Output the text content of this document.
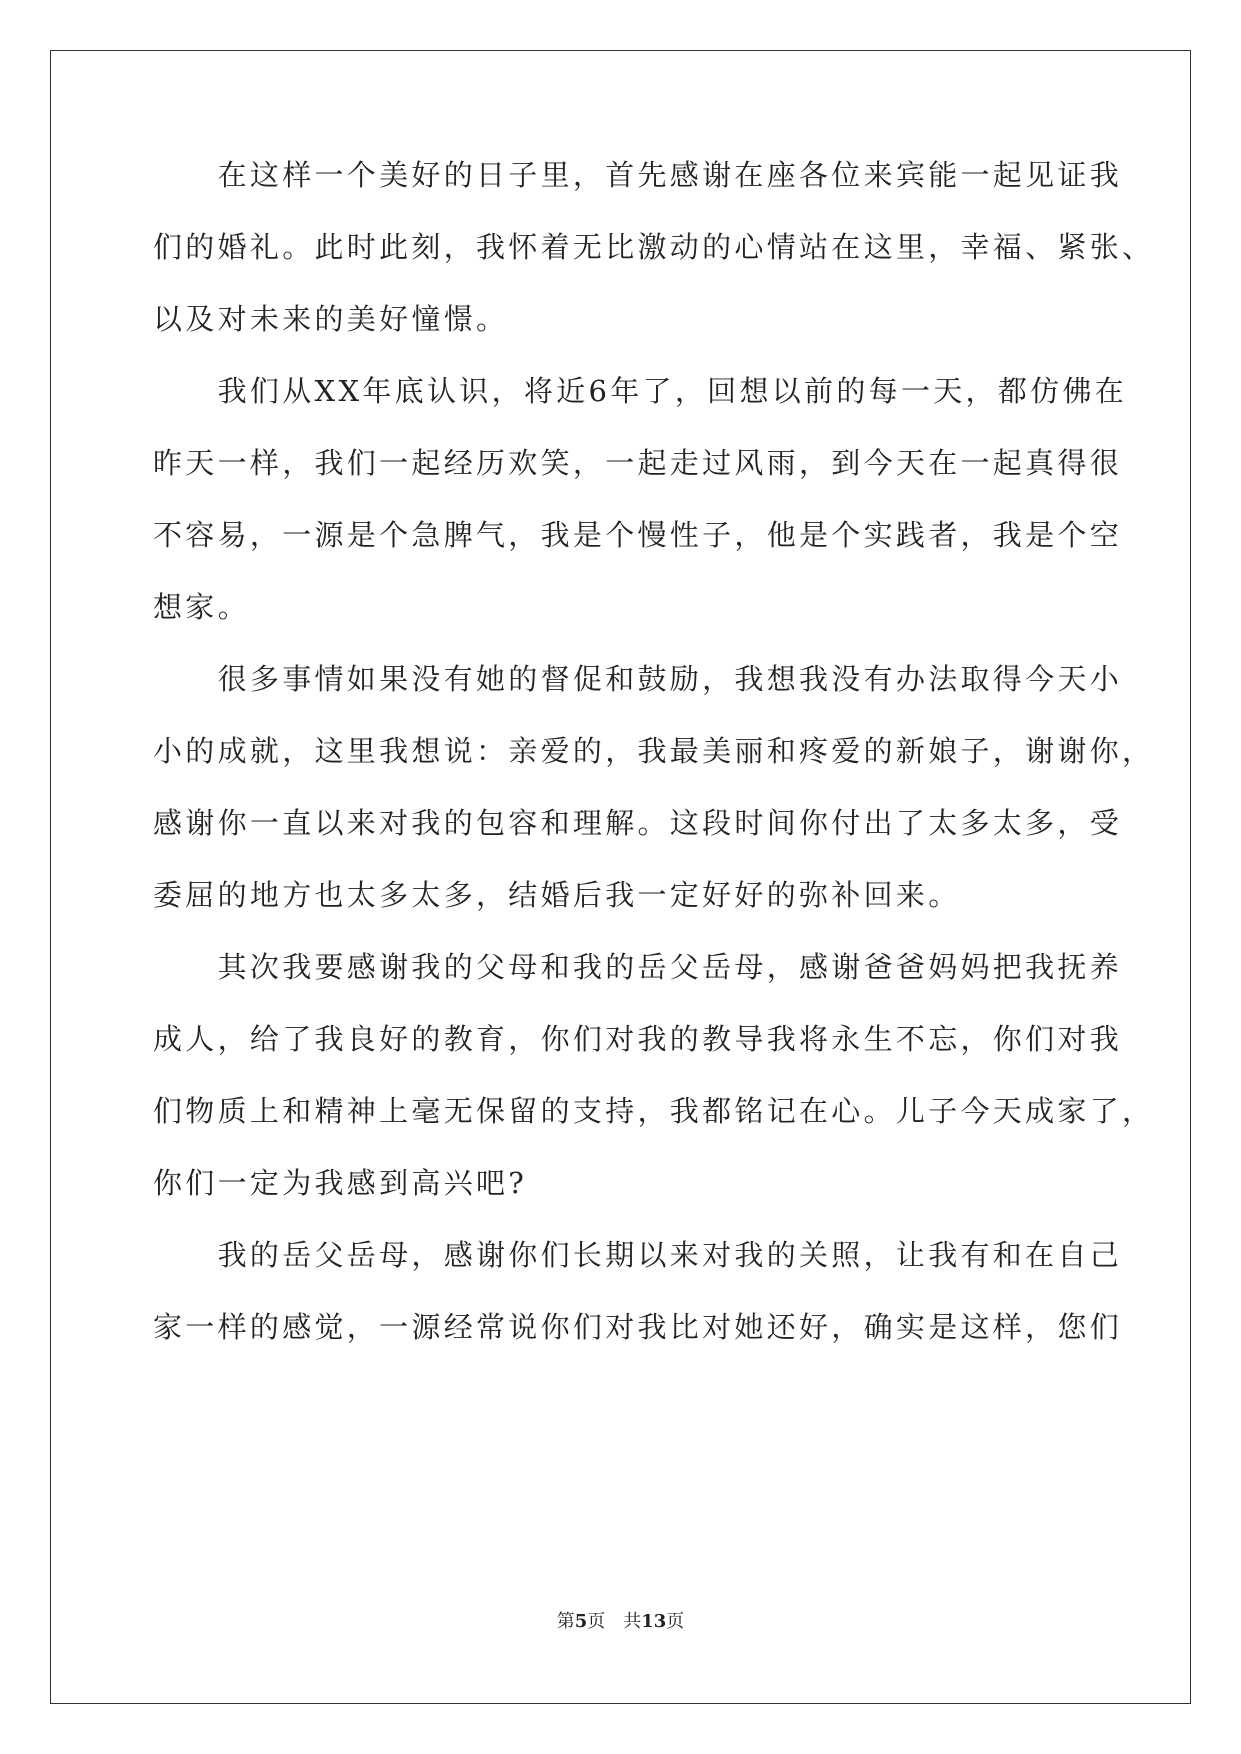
　　在这样一个美好的日子里，首先感谢在座各位来宾能一起见证我
们的婚礼。此时此刻，我怀着无比激动的心情站在这里，幸福、紧张、
以及对未来的美好憧憬。
　　我们从XX年底认识，将近6年了，回想以前的每一天，都仿佛在
昨天一样，我们一起经历欢笑，一起走过风雨，到今天在一起真得很
不容易，一源是个急脾气，我是个慢性子，他是个实践者，我是个空
想家。
　　很多事情如果没有她的督促和鼓励，我想我没有办法取得今天小
小的成就，这里我想说：亲爱的，我最美丽和疼爱的新娘子，谢谢你，
感谢你一直以来对我的包容和理解。这段时间你付出了太多太多，受
委屈的地方也太多太多，结婚后我一定好好的弥补回来。
　　其次我要感谢我的父母和我的岳父岳母，感谢爸爸妈妈把我抚养
成人，给了我良好的教育，你们对我的教导我将永生不忘，你们对我
们物质上和精神上毫无保留的支持，我都铭记在心。儿子今天成家了，
你们一定为我感到高兴吧?
　　我的岳父岳母，感谢你们长期以来对我的关照，让我有和在自己
家一样的感觉，一源经常说你们对我比对她还好，确实是这样，您们
第5页　共13页
